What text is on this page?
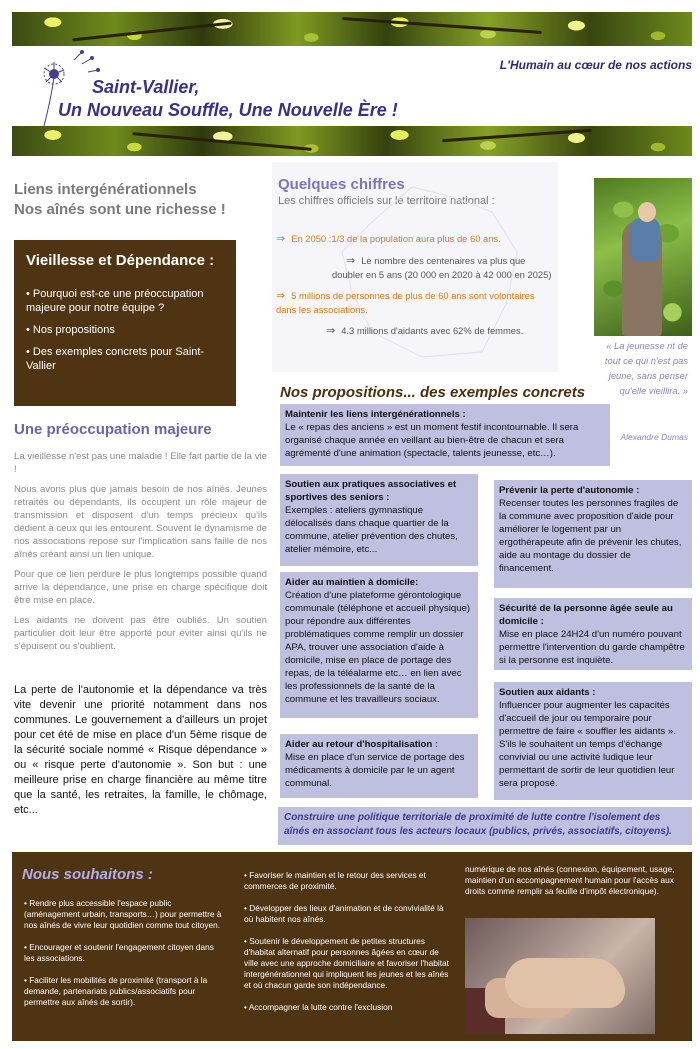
L'Humain au cœur de nos actions
Saint-Vallier,
Un Nouveau Souffle, Une Nouvelle Ère !
Liens intergénérationnels
Nos aînés sont une richesse !
Vieillesse et Dépendance :
• Pourquoi est-ce une préoccupation majeure pour notre équipe ?
• Nos propositions
• Des exemples concrets pour Saint-Vallier
Une préoccupation majeure

La vieillesse n'est pas une maladie ! Elle fait partie de la vie !

Nous avons plus que jamais besoin de nos aînés. Jeunes retraités ou dépendants, ils occupent un rôle majeur de transmission et disposent d'un temps précieux qu'ils dédient à ceux qui les entourent. Souvent le dynamisme de nos associations repose sur l'implication sans faille de nos aînés créant ainsi un lien unique.

Pour que ce lien perdure le plus longtemps possible quand arrive la dépendance, une prise en charge spécifique doit être mise en place.

Les aidants ne doivent pas être oubliés. Un soutien particulier doit leur être apporté pour éviter ainsi qu'ils ne s'épuisent ou s'oublient.

La perte de l'autonomie et la dépendance va très vite devenir une priorité notamment dans nos communes. Le gouvernement a d'ailleurs un projet pour cet été de mise en place d'un 5ème risque de la sécurité sociale nommé « Risque dépendance » ou « risque perte d'autonomie ». Son but : une meilleure prise en charge financière au même titre que la santé, les retraites, la famille, le chômage, etc...

Quelques chiffres
Les chiffres officiels sur le territoire national :
⇒ En 2050 :1/3 de la population aura plus de 60 ans.
⇒ Le nombre des centenaires va plus que doubler en 5 ans (20 000 en 2020 à 42 000 en 2025)
⇒ 5 millions de personnes de plus de 60 ans sont volontaires dans les associations.
⇒ 4.3 millions d'aidants avec 62% de femmes.
« La jeunesse rit de tout ce qui n'est pas jeune, sans penser qu'elle vieillira. »
Alexandre Dumas
Nos propositions... des exemples concrets
Maintenir les liens intergénérationnels :
Le « repas des anciens » est un moment festif incontournable. Il sera organisé chaque année en veillant au bien-être de chacun et sera agrémenté d'une animation (spectacle, talents jeunesse, etc…).
Soutien aux pratiques associatives et sportives des seniors :
Exemples : ateliers gymnastique délocalisés dans chaque quartier de la commune, atelier prévention des chutes, atelier mémoire, etc...
Aider au maintien à domicile:
Création d'une plateforme gérontologique communale (téléphone et accueil physique) pour répondre aux différentes problématiques comme remplir un dossier APA, trouver une association d'aide à domicile, mise en place de portage des repas, de la téléalarme etc… en lien avec les professionnels de la santé de la commune et les travailleurs sociaux.
Aider au retour d'hospitalisation :
Mise en place d'un service de portage des médicaments à domicile par le un agent communal.
Prévenir la perte d'autonomie :
Recenser toutes les personnes fragiles de la commune avec proposition d'aide pour améliorer le logement par un ergothérapeute afin de prévenir les chutes, aide au montage du dossier de financement.
Sécurité de la personne âgée seule au domicile :
Mise en place 24H24 d'un numéro pouvant permettre l'intervention du garde champêtre si la personne est inquiète.
Soutien aux aidants :
Influencer pour augmenter les capacités d'accueil de jour ou temporaire pour permettre de faire « souffler les aidants ». S'ils le souhaitent un temps d'échange convivial ou une activité ludique leur permettant de sortir de leur quotidien leur sera proposé.
Construire une politique territoriale de proximité de lutte contre l'isolement des aînés en associant tous les acteurs locaux (publics, privés, associatifs, citoyens).
Nous souhaitons :

• Rendre plus accessible l'espace public (aménagement urbain, transports…) pour permettre à nos aînés de vivre leur quotidien comme tout citoyen.

• Encourager et soutenir l'engagement citoyen dans les associations.

• Faciliter les mobilités de proximité (transport à la demande, partenariats publics/associatifs pour permettre aux aînés de sortir).

• Favoriser le maintien et le retour des services et commerces de proximité.

• Développer des lieux d'animation et de convivialité là où habitent nos aînés.

• Soutenir le développement de petites structures d'habitat alternatif pour personnes âgées en cœur de ville avec une approche domiciliaire et favoriser l'habitat intergénérationnel qui impliquent les jeunes et les aînés et où chacun garde son indépendance.

• Accompagner la lutte contre l'exclusion

numérique de nos aînés (connexion, équipement, usage, maintien d'un accompagnement humain pour l'accès aux droits comme remplir sa feuille d'impôt électronique).
